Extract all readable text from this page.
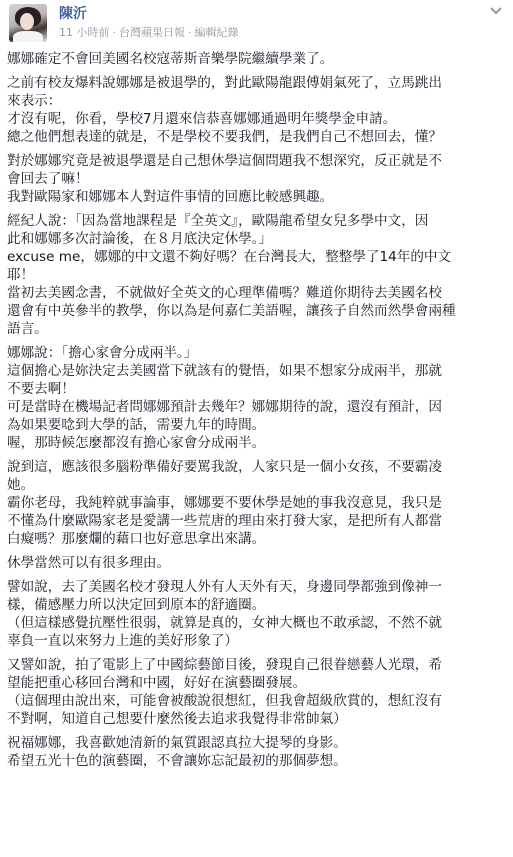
陳沂
11 小時前 · 台灣蘋果日報 · 編輯紀錄
娜娜確定不會回美國名校寇蒂斯音樂學院繼續學業了。
之前有校友爆料說娜娜是被退學的，對此歐陽龍跟傅娟氣死了，立馬跳出
來表示：
才沒有呢，你看，學校7月還來信恭喜娜娜通過明年獎學金申請。
總之他們想表達的就是，不是學校不要我們，是我們自己不想回去，懂？
對於娜娜究竟是被退學還是自己想休學這個問題我不想深究，反正就是不
會回去了嘛！
我對歐陽家和娜娜本人對這件事情的回應比較感興趣。
經紀人說：「因為當地課程是『全英文』，歐陽龍希望女兒多學中文，因
此和娜娜多次討論後，在８月底決定休學。」
excuse me，娜娜的中文還不夠好嗎？在台灣長大，整整學了14年的中文
耶！
當初去美國念書，不就做好全英文的心理準備嗎？難道你期待去美國名校
還會有中英參半的教學，你以為是何嘉仁美語喔，讓孩子自然而然學會兩種
語言。
娜娜說：「擔心家會分成兩半。」
這個擔心是妳決定去美國當下就該有的覺悟，如果不想家分成兩半，那就
不要去啊！
可是當時在機場記者問娜娜預計去幾年？娜娜期待的說，還沒有預計，因
為如果要唸到大學的話，需要九年的時間。
喔，那時候怎麼都沒有擔心家會分成兩半。
說到這，應該很多腦粉準備好要罵我說，人家只是一個小女孩，不要霸凌
她。
霸你老母，我純粹就事論事，娜娜要不要休學是她的事我沒意見，我只是
不懂為什麼歐陽家老是愛講一些荒唐的理由來打發大家，是把所有人都當
白癡嗎？那麼爛的藉口也好意思拿出來講。
休學當然可以有很多理由。
譬如說，去了美國名校才發現人外有人天外有天，身邊同學都強到像神一
樣，備感壓力所以決定回到原本的舒適圈。
（但這樣感覺抗壓性很弱，就算是真的，女神大概也不敢承認，不然不就
辜負一直以來努力上進的美好形象了）
又譬如說，拍了電影上了中國綜藝節目後，發現自己很眷戀藝人光環，希
望能把重心移回台灣和中國，好好在演藝圈發展。
（這個理由說出來，可能會被酸說很想紅，但我會超級欣賞的，想紅沒有
不對啊，知道自己想要什麼然後去追求我覺得非常帥氣）
祝福娜娜，我喜歡她清新的氣質跟認真拉大提琴的身影。
希望五光十色的演藝圈，不會讓妳忘記最初的那個夢想。
